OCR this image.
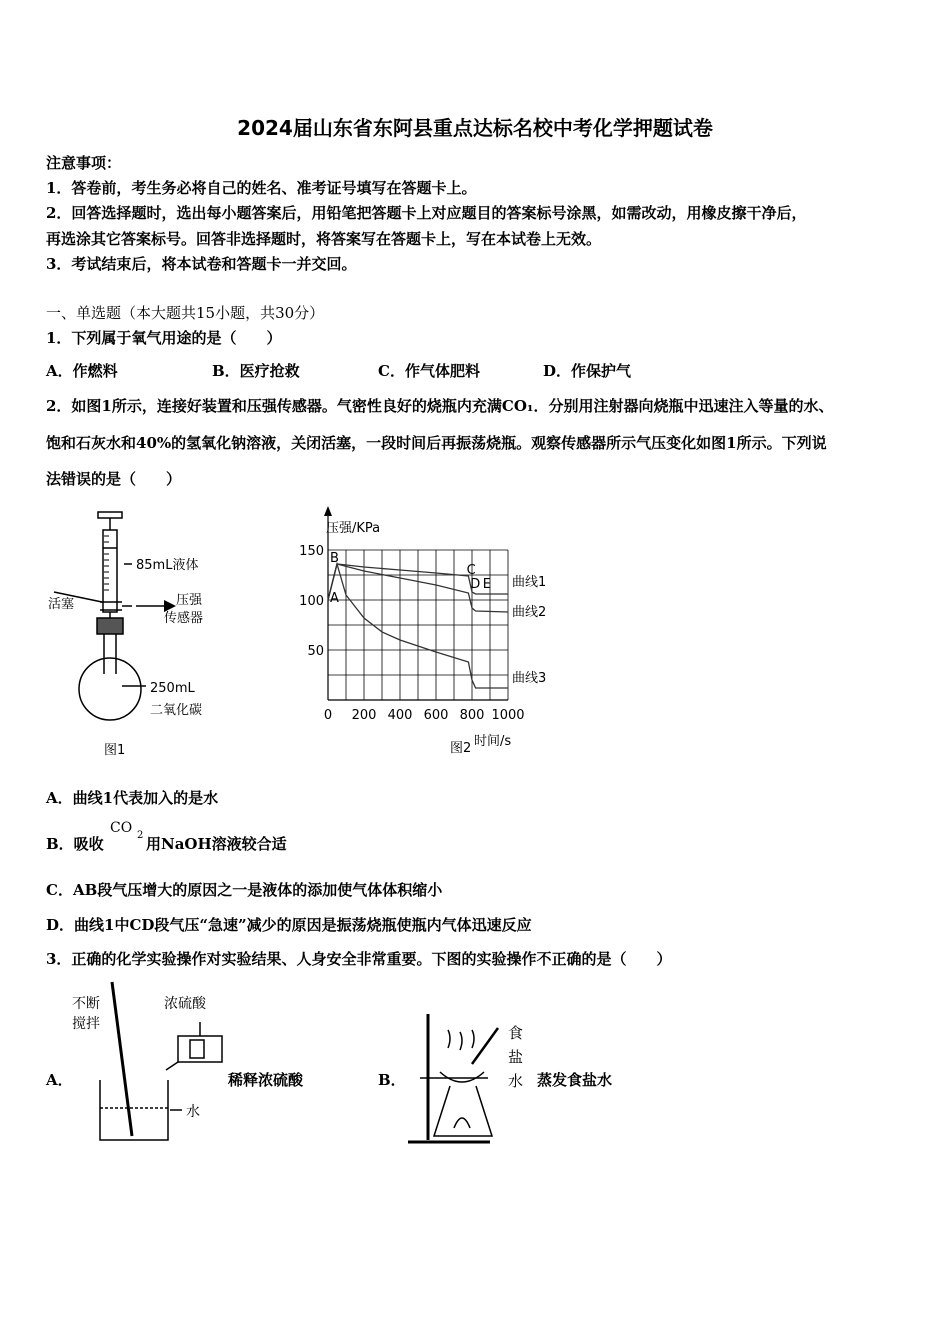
2024届山东省东阿县重点达标名校中考化学押题试卷
注意事项：
1．答卷前，考生务必将自己的姓名、准考证号填写在答题卡上。
2．回答选择题时，选出每小题答案后，用铅笔把答题卡上对应题目的答案标号涂黑，如需改动，用橡皮擦干净后，
再选涂其它答案标号。回答非选择题时，将答案写在答题卡上，写在本试卷上无效。
3．考试结束后，将本试卷和答题卡一并交回。
一、单选题（本大题共15小题，共30分）
1．下列属于氧气用途的是（　　）
A．作燃料	B．医疗抢救	C．作气体肥料	D．作保护气
2．如图1所示，连接好装置和压强传感器。气密性良好的烧瓶内充满CO₁．分别用注射器向烧瓶中迅速注入等量的水、
饱和石灰水和40%的氢氧化钠溶液，关闭活塞，一段时间后再振荡烧瓶。观察传感器所示气压变化如图1所示。下列说
法错误的是（　　）
85mL液体
活塞	压强
传感器
250mL
二氧化碳
图1
压强/KPa
时间/s
0 200 400 600 800 1000
50
100
150
曲线1
曲线2
曲线3
A
B
C
D E
图2
A．曲线1代表加入的是水
B．吸收
CO 2 用NaOH溶液较合适
C．AB段气压增大的原因之一是液体的添加使气体体积缩小
D．曲线1中CD段气压“急速”减少的原因是振荡烧瓶使瓶内气体迅速反应
3．正确的化学实验操作对实验结果、人身安全非常重要。下图的实验操作不正确的是（　　）
A．
不断
搅拌
浓硫酸
水
稀释浓硫酸	B．
食
盐
水 蒸发食盐水
